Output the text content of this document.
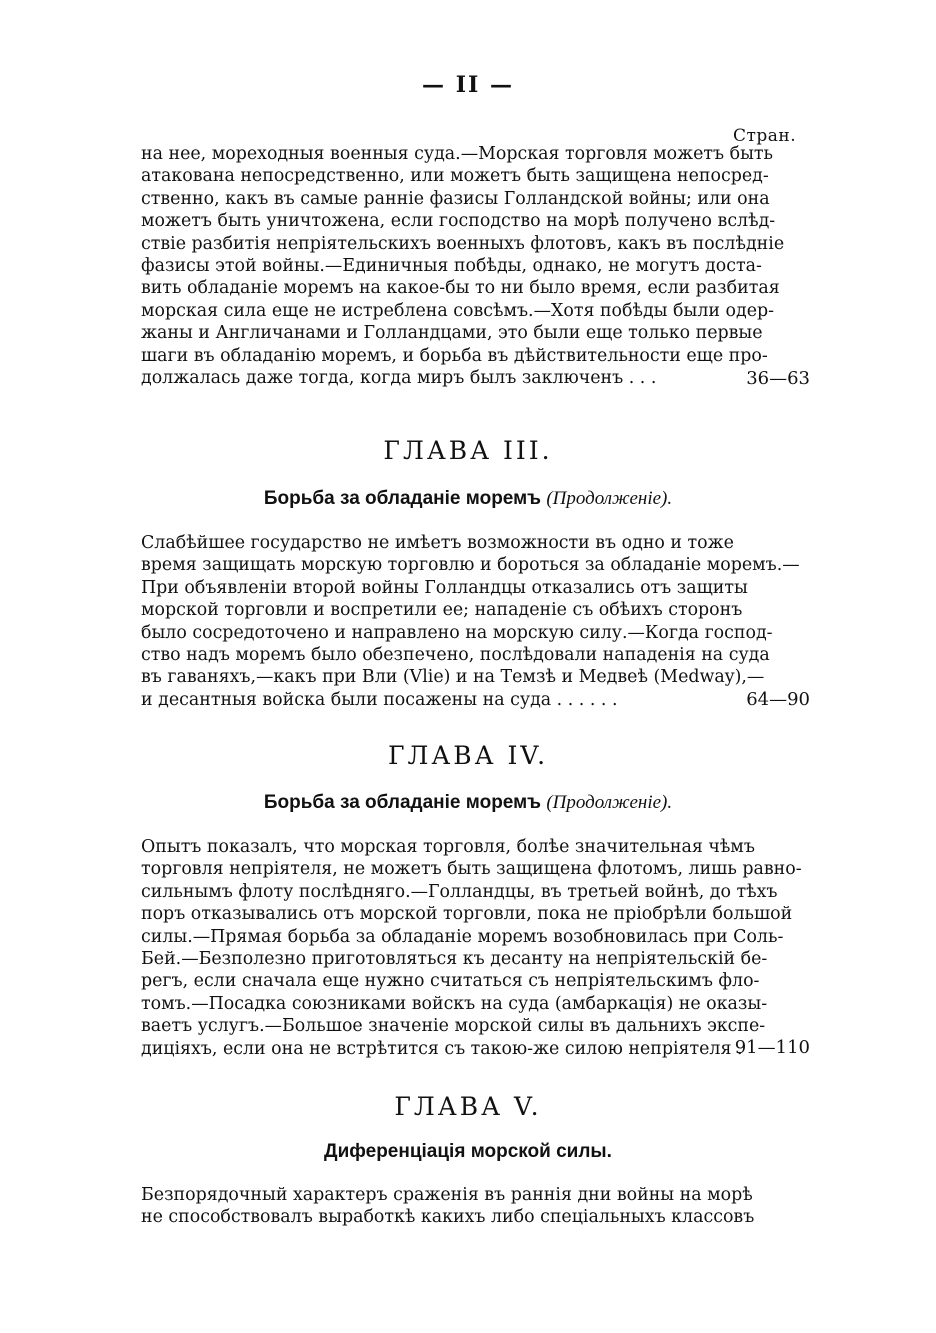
— II —
Стран.
на нее, мореходныя военныя суда.—Морская торговля можетъ быть
атакована непосредственно, или можетъ быть защищена непосред-
ственно, какъ въ самые ранніе фазисы Голландской войны; или она
можетъ быть уничтожена, если господство на морѣ получено вслѣд-
ствіе разбитія непріятельскихъ военныхъ флотовъ, какъ въ послѣдніе
фазисы этой войны.—Единичныя побѣды, однако, не могутъ доста-
вить обладаніе моремъ на какое-бы то ни было время, если разбитая
морская сила еще не истреблена совсѣмъ.—Хотя побѣды были одер-
жаны и Англичанами и Голландцами, это были еще только первые
шаги въ обладанію моремъ, и борьба въ дѣйствительности еще про-
должалась даже тогда, когда миръ былъ заключенъ . . .	36—63
ГЛАВА III.
Борьба за обладаніе моремъ (Продолженіе).
Слабѣйшее государство не имѣетъ возможности въ одно и тоже
время защищать морскую торговлю и бороться за обладаніе моремъ.—
При объявленіи второй войны Голландцы отказались отъ защиты
морской торговли и воспретили ее; нападеніе съ обѣихъ сторонъ
было сосредоточено и направлено на морскую силу.—Когда господ-
ство надъ моремъ было обезпечено, послѣдовали нападенія на суда
въ гаваняхъ,—какъ при Вли (Vlie) и на Темзѣ и Медвеѣ (Medway),—
и десантныя войска были посажены на суда . . . . . .	64—90
ГЛАВА IV.
Борьба за обладаніе моремъ (Продолженіе).
Опытъ показалъ, что морская торговля, болѣе значительная чѣмъ
торговля непріятеля, не можетъ быть защищена флотомъ, лишь равно-
сильнымъ флоту послѣдняго.—Голландцы, въ третьей войнѣ, до тѣхъ
поръ отказывались отъ морской торговли, пока не пріобрѣли большой
силы.—Прямая борьба за обладаніе моремъ возобновилась при Соль-
Бей.—Безполезно приготовляться къ десанту на непріятельскій бе-
регъ, если сначала еще нужно считаться съ непріятельскимъ фло-
томъ.—Посадка союзниками войскъ на суда (амбаркація) не оказы-
ваетъ услугъ.—Большое значеніе морской силы въ дальнихъ экспе-
диціяхъ, если она не встрѣтится съ такою-же силою непріятеля .
91—110
ГЛАВА V.
Диференціація морской силы.
Безпорядочный характеръ сраженія въ раннія дни войны на морѣ
не способствовалъ выработкѣ какихъ либо спеціальныхъ классовъ
